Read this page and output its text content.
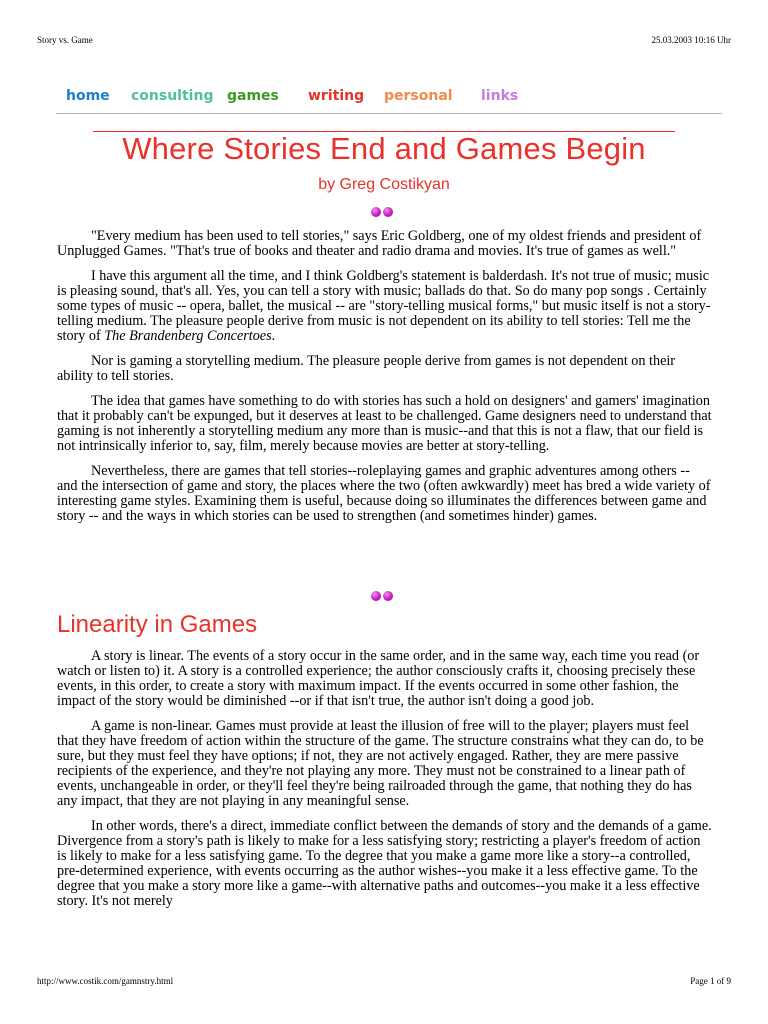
Story vs. Game	25.03.2003 10:16 Uhr
home consulting games writing personal links
Where Stories End and Games Begin
by Greg Costikyan

"Every medium has been used to tell stories," says Eric Goldberg, one of my oldest friends and president of Unplugged Games. "That's true of books and theater and radio drama and movies. It's true of games as well."

I have this argument all the time, and I think Goldberg's statement is balderdash. It's not true of music; music is pleasing sound, that's all. Yes, you can tell a story with music; ballads do that. So do many pop songs . Certainly some types of music -- opera, ballet, the musical -- are "story-telling musical forms," but music itself is not a story-telling medium. The pleasure people derive from music is not dependent on its ability to tell stories: Tell me the story of The Brandenberg Concertoes.

Nor is gaming a storytelling medium. The pleasure people derive from games is not dependent on their ability to tell stories.

The idea that games have something to do with stories has such a hold on designers' and gamers' imagination that it probably can't be expunged, but it deserves at least to be challenged. Game designers need to understand that gaming is not inherently a storytelling medium any more than is music--and that this is not a flaw, that our field is not intrinsically inferior to, say, film, merely because movies are better at story-telling.

Nevertheless, there are games that tell stories--roleplaying games and graphic adventures among others -- and the intersection of game and story, the places where the two (often awkwardly) meet has bred a wide variety of interesting game styles. Examining them is useful, because doing so illuminates the differences between game and story -- and the ways in which stories can be used to strengthen (and sometimes hinder) games.

Linearity in Games

A story is linear. The events of a story occur in the same order, and in the same way, each time you read (or watch or listen to) it. A story is a controlled experience; the author consciously crafts it, choosing precisely these events, in this order, to create a story with maximum impact. If the events occurred in some other fashion, the impact of the story would be diminished --or if that isn't true, the author isn't doing a good job.

A game is non-linear. Games must provide at least the illusion of free will to the player; players must feel that they have freedom of action within the structure of the game. The structure constrains what they can do, to be sure, but they must feel they have options; if not, they are not actively engaged. Rather, they are mere passive recipients of the experience, and they're not playing any more. They must not be constrained to a linear path of events, unchangeable in order, or they'll feel they're being railroaded through the game, that nothing they do has any impact, that they are not playing in any meaningful sense.

In other words, there's a direct, immediate conflict between the demands of story and the demands of a game. Divergence from a story's path is likely to make for a less satisfying story; restricting a player's freedom of action is likely to make for a less satisfying game. To the degree that you make a game more like a story--a controlled, pre-determined experience, with events occurring as the author wishes--you make it a less effective game. To the degree that you make a story more like a game--with alternative paths and outcomes--you make it a less effective story. It's not merely

http://www.costik.com/gamnstry.html	Page 1 of 9
